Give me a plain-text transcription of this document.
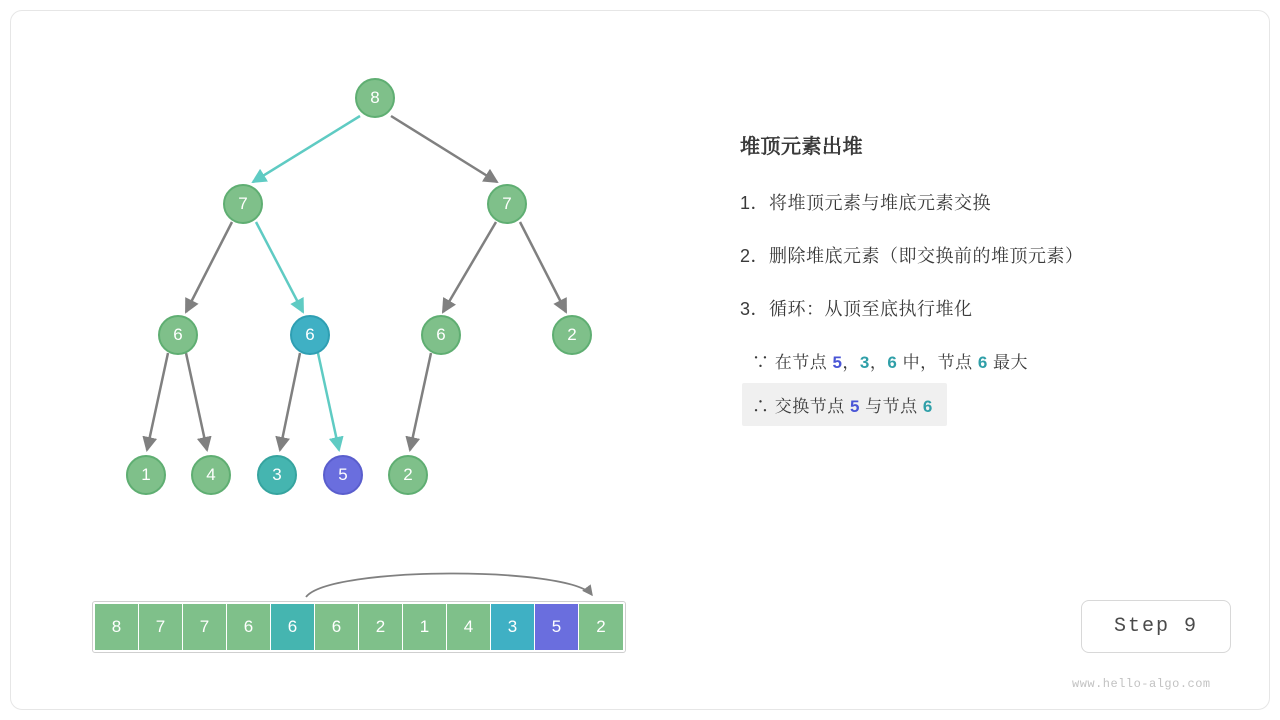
8
7	7
6	6	6	2
1	4	3	5	2
堆顶元素出堆
1．将堆顶元素与堆底元素交换
2．删除堆底元素（即交换前的堆顶元素）
3．循环：从顶至底执行堆化
∵ 在节点 5，3，6 中，节点 6 最大
∴ 交换节点 5 与节点 6
8 7 7 6 6 6 2 1 4 3 5 2	Step 9
www.hello-algo.com
